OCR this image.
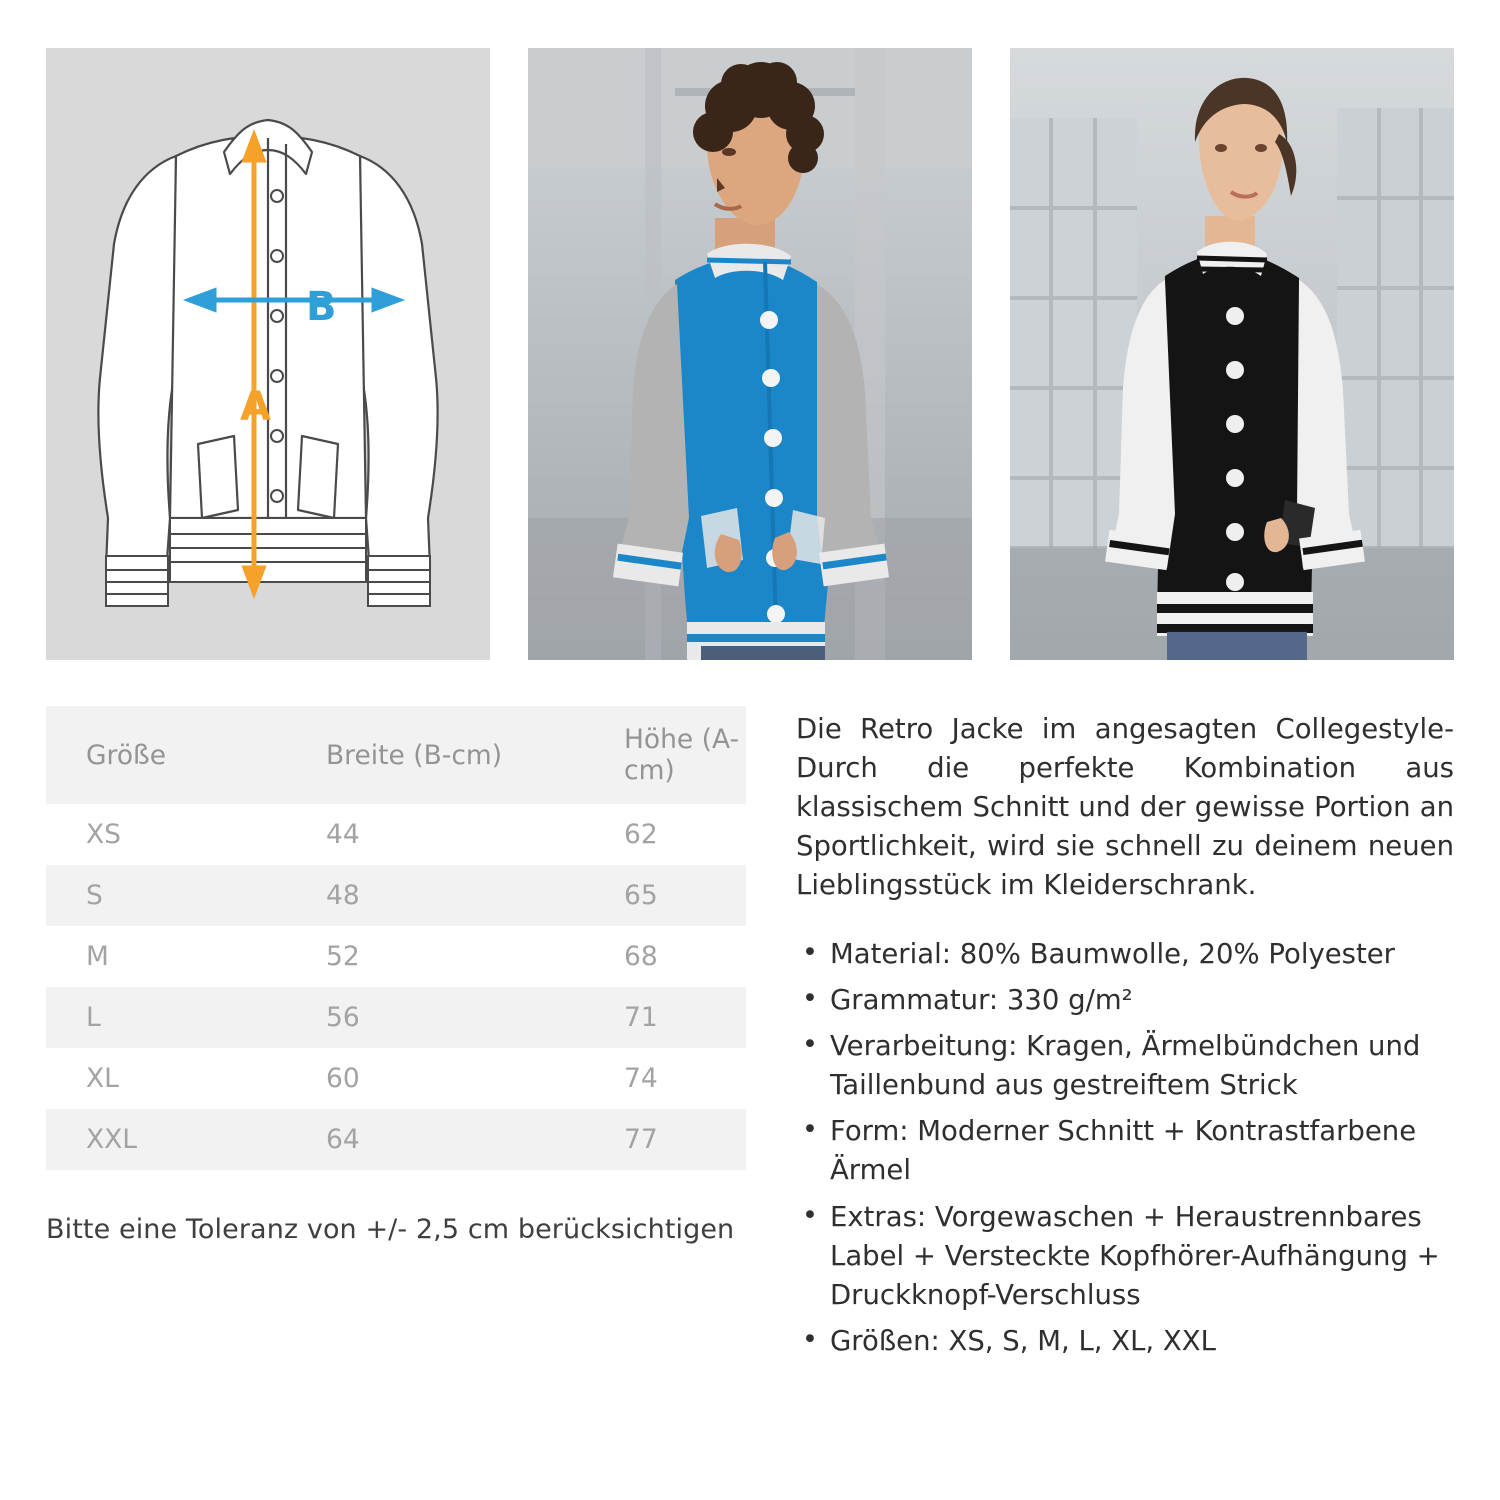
A
B
Größe	Breite (B-cm)	Höhe (A-cm)
XS	44	62
S	48	65
M	52	68
L	56	71
XL	60	74
XXL	64	77
Bitte eine Toleranz von +/- 2,5 cm berücksichtigen

Die Retro Jacke im angesagten Collegestyle- Durch die perfekte Kombination aus klassischem Schnitt und der gewisse Portion an Sportlichkeit, wird sie schnell zu deinem neuen Lieblingsstück im Kleiderschrank.

• Material: 80% Baumwolle, 20% Polyester
• Grammatur: 330 g/m²
• Verarbeitung: Kragen, Ärmelbündchen und Taillenbund aus gestreiftem Strick
• Form: Moderner Schnitt + Kontrastfarbene Ärmel
• Extras: Vorgewaschen + Heraustrennbares Label + Versteckte Kopfhörer-Aufhängung + Druckknopf-Verschluss
• Größen: XS, S, M, L, XL, XXL
